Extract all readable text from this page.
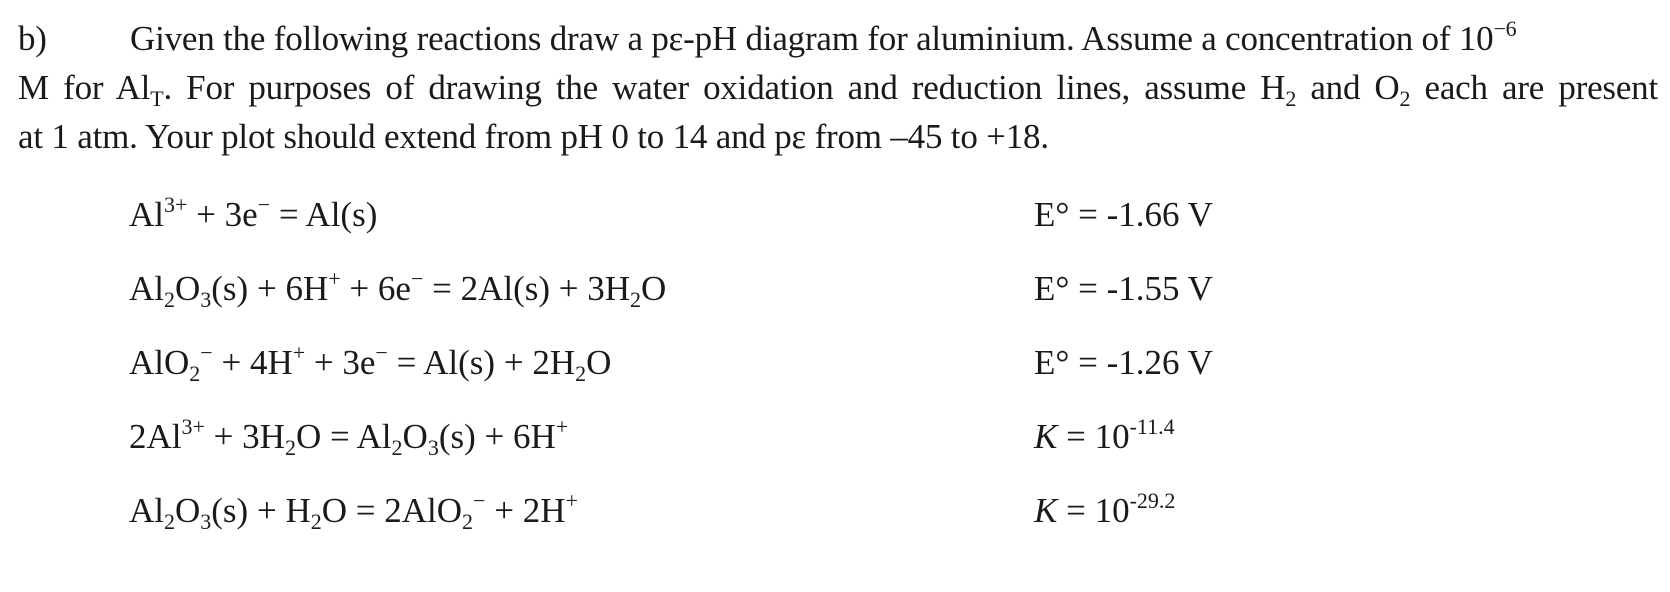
b) Given the following reactions draw a pε-pH diagram for aluminium. Assume a concentration of $10^{-6}$
M for $Al_T$. For purposes of drawing the water oxidation and reduction lines, assume $H_2$ and $O_2$ each are present
at 1 atm. Your plot should extend from pH 0 to 14 and pε from –45 to +18.
$Al^{3+} + 3e^- = Al(s)$	E° = -1.66 V
$Al_2O_3(s) + 6H^+ + 6e^- = 2Al(s) + 3H_2O$	E° = -1.55 V
$AlO_2^- + 4H^+ + 3e^- = Al(s) + 2H_2O$	E° = -1.26 V
$2Al^{3+} + 3H_2O = Al_2O_3(s) + 6H^+$	$K = 10^{-11.4}$
$Al_2O_3(s) + H_2O = 2AlO_2^- + 2H^+$	$K = 10^{-29.2}$
